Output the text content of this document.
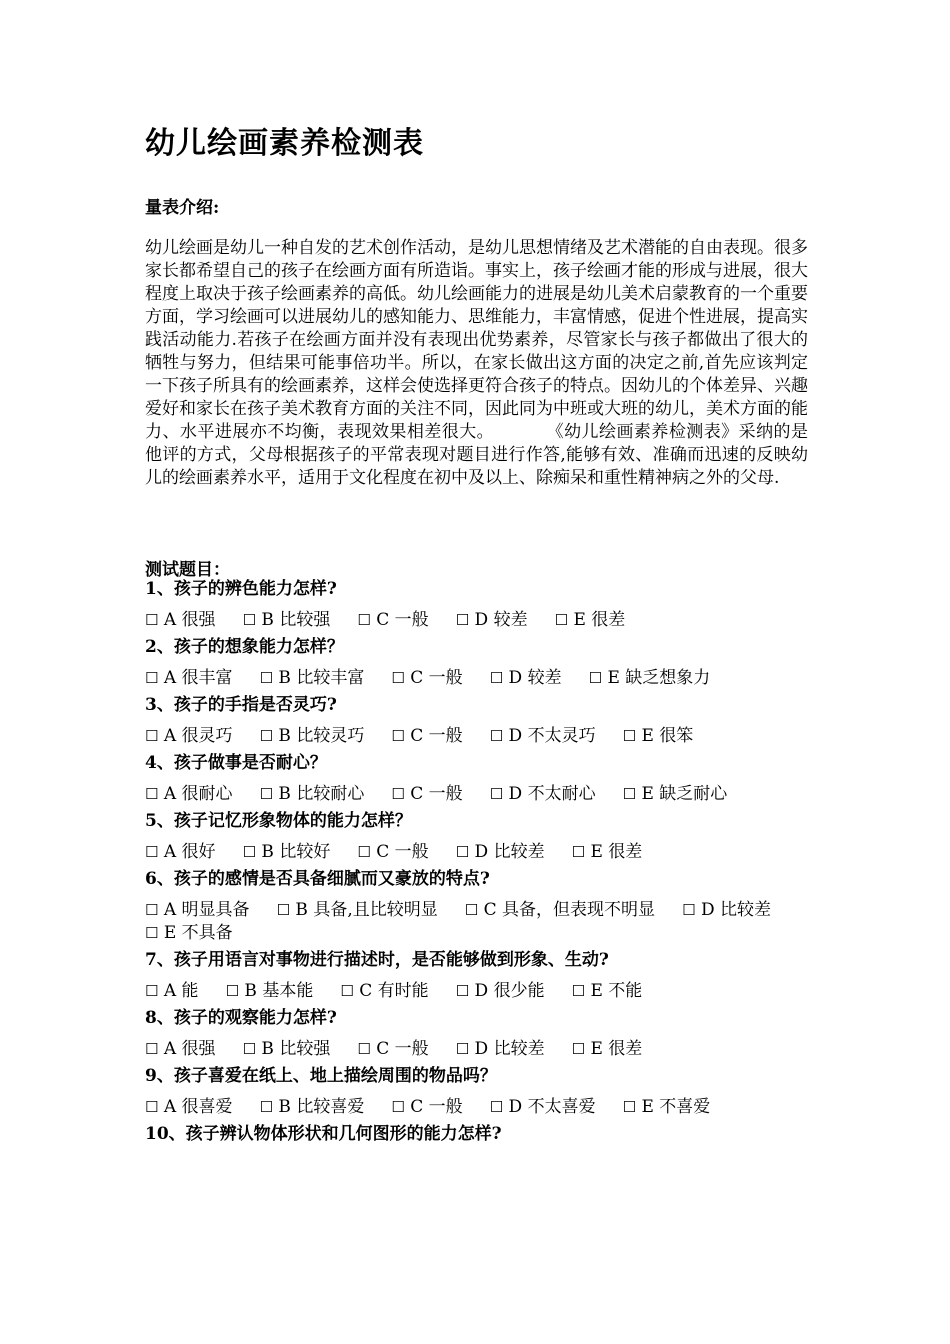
幼儿绘画素养检测表
量表介绍:
幼儿绘画是幼儿一种自发的艺术创作活动，是幼儿思想情绪及艺术潜能的自由表现。很多家长都希望自己的孩子在绘画方面有所造诣。事实上，孩子绘画才能的形成与进展，很大程度上取决于孩子绘画素养的高低。幼儿绘画能力的进展是幼儿美术启蒙教育的一个重要方面，学习绘画可以进展幼儿的感知能力、思维能力，丰富情感，促进个性进展，提高实践活动能力.若孩子在绘画方面并没有表现出优势素养，尽管家长与孩子都做出了很大的牺牲与努力，但结果可能事倍功半。所以，在家长做出这方面的决定之前,首先应该判定一下孩子所具有的绘画素养，这样会使选择更符合孩子的特点。因幼儿的个体差异、兴趣爱好和家长在孩子美术教育方面的关注不同，因此同为中班或大班的幼儿，美术方面的能力、水平进展亦不均衡，表现效果相差很大。	《幼儿绘画素养检测表》采纳的是他评的方式，父母根据孩子的平常表现对题目进行作答,能够有效、准确而迅速的反映幼儿的绘画素养水平，适用于文化程度在初中及以上、除痴呆和重性精神病之外的父母.
测试题目：
1、孩子的辨色能力怎样?
☐ A 很强 ☐ B 比较强 ☐ C 一般 ☐ D 较差 ☐ E 很差
2、孩子的想象能力怎样？
☐ A 很丰富 ☐ B 比较丰富 ☐ C 一般 ☐ D 较差 ☐ E 缺乏想象力
3、孩子的手指是否灵巧?
☐ A 很灵巧 ☐ B 比较灵巧 ☐ C 一般 ☐ D 不太灵巧 ☐ E 很笨
4、孩子做事是否耐心？
☐ A 很耐心 ☐ B 比较耐心 ☐ C 一般 ☐ D 不太耐心 ☐ E 缺乏耐心
5、孩子记忆形象物体的能力怎样？
☐ A 很好 ☐ B 比较好 ☐ C 一般 ☐ D 比较差 ☐ E 很差
6、孩子的感情是否具备细腻而又豪放的特点?
☐ A 明显具备 ☐ B 具备,且比较明显 ☐ C 具备，但表现不明显 ☐ D 比较差     ☐ E 不具备
7、孩子用语言对事物进行描述时，是否能够做到形象、生动?
☐ A 能 ☐ B 基本能 ☐ C 有时能 ☐ D 很少能 ☐ E 不能
8、孩子的观察能力怎样?
☐ A 很强 ☐ B 比较强 ☐ C 一般 ☐ D 比较差 ☐ E 很差
9、孩子喜爱在纸上、地上描绘周围的物品吗？
☐ A 很喜爱 ☐ B 比较喜爱 ☐ C 一般 ☐ D 不太喜爱 ☐ E 不喜爱
10、孩子辨认物体形状和几何图形的能力怎样?
